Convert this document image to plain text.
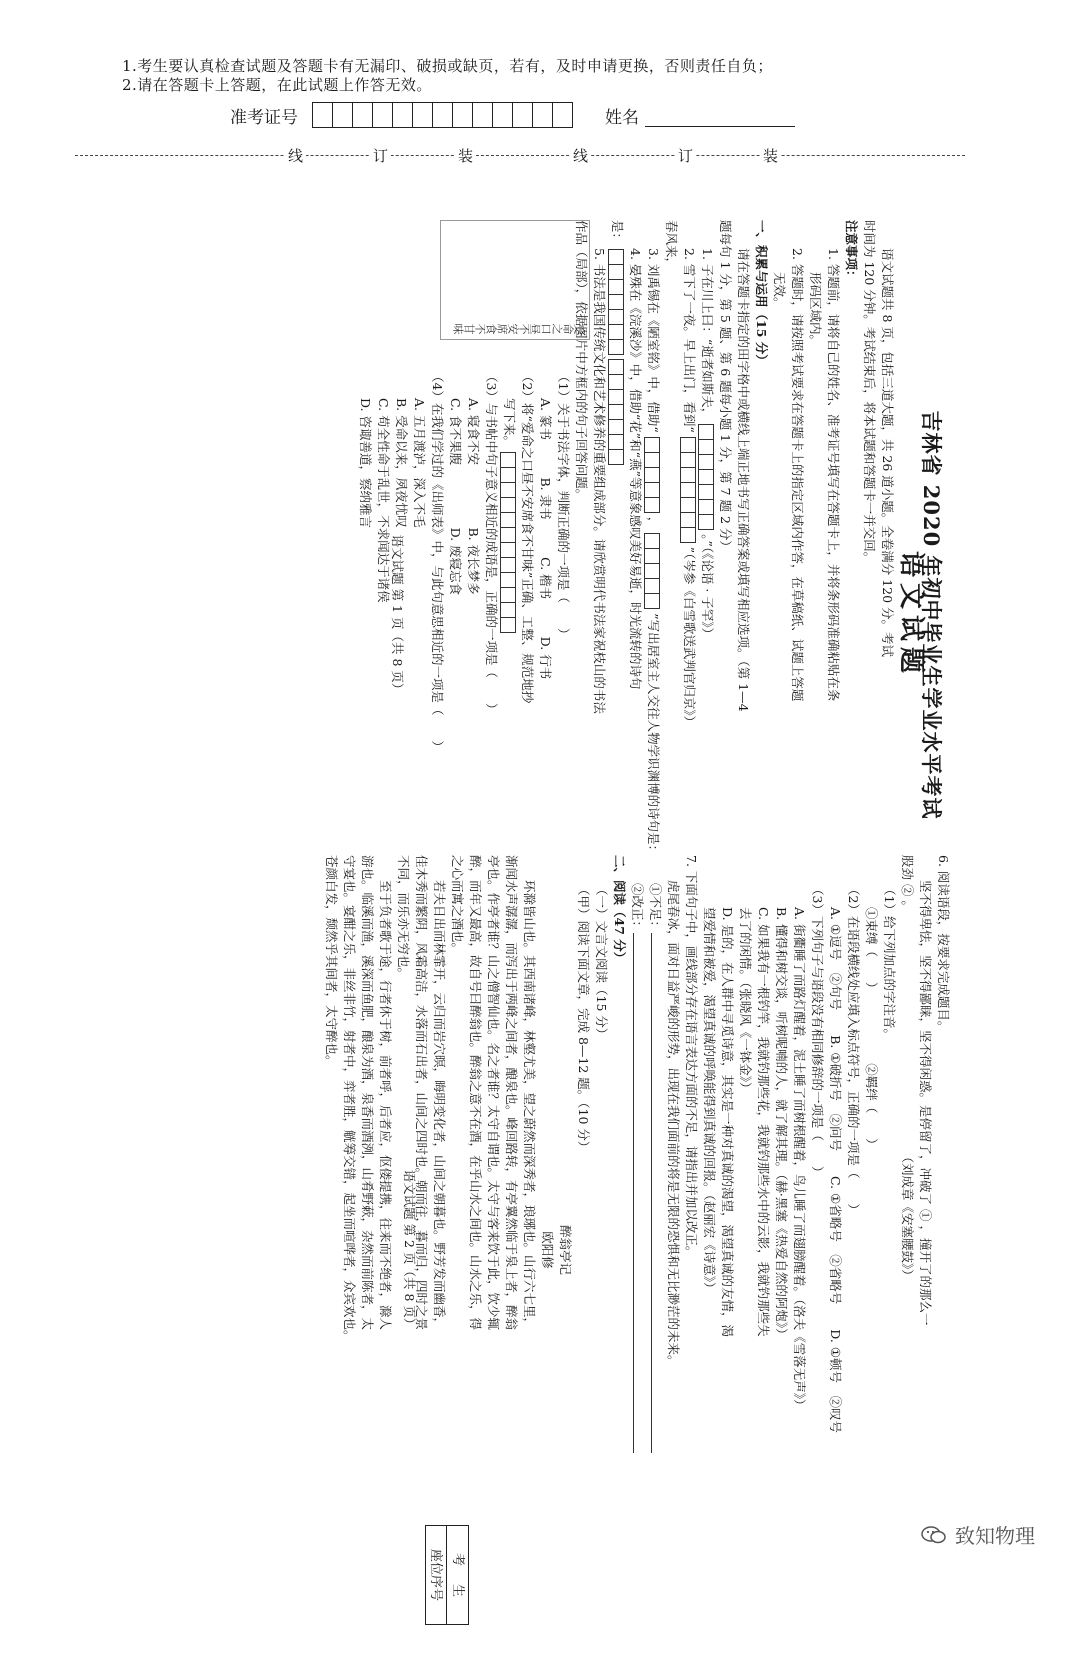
1.考生要认真检查试题及答题卡有无漏印、破损或缺页，若有，及时申请更换，否则责任自负；
2.请在答题卡上答题，在此试题上作答无效。
准考证号	姓名
线	订	装	线	订	装
吉林省 2020 年初中毕业生学业水平考试
语文试题

语文试题共 8 页，包括三道大题，共 26 道小题。全卷满分 120 分。考试

时间为 120 分钟。考试结束后，将本试题和答题卡一并交回。

注意事项：

1. 答题前，请将自己的姓名、准考证号填写在答题卡上，并将条形码准确粘贴在条

形码区域内。

2. 答题时，请按照考试要求在答题卡上的指定区域内作答，在草稿纸、试题上答题

无效。

一、积累与运用（15 分）

请在答题卡指定的田字格中或横线上端正地书写正确答案或填写相应选项。（第 1—4

题每句 1 分，第 5 题、第 6 题每小题 1 分，第 7 题 2 分）

1. 子在川上曰：“逝者如斯夫，
。”（《论语 · 子罕》）

2. 雪下了一夜。早上出门，看到“
”（岑参《白雪歌送武判官归京》）

春风来，

3. 刘禹锡在《陋室铭》中，借助“
，
”写出居室主人交往人物学识渊博的诗句是：

4. 晏殊在《浣溪沙》中，借助“花”和“燕”等意象感叹美好易逝，时光流转的诗句

是：

5. 书法是我国传统文化和艺术修养的重要组成部分。请欣赏明代书法家祝枝山的书法

作品（局部），依据图片中方框内的句子回答问题。

（1）关于书法字体，判断正确的一项是（　　）

A. 篆书　　　B. 隶书　　　C. 楷书　　　D. 行书

（2）将“爱命之口昼不安席食不甘味”正确、工整、规范地抄

写下来。

（3）与书帖中句子意义相近的成语是，正确的一项是（　　）

A. 寝食不安　　　　　B. 夜长梦多

C. 食不果腹　　　　　D. 废寝忘食

（4）在我们学过的《出师表》中，与此句意思相近的一项是（　　）

A. 五月渡泸，深入不毛

B. 受命以来，夙夜忧叹

C. 苟全性命于乱世，不求闻达于诸侯

D. 咨诹善道，察纳雅言

受命之口昼不安席食不甘味
语文试题 第 1 页（共 8 页）

6. 阅读语段，按要求完成题目。

　　坚不得卑怯，坚不得鄙睐，坚不得闲惑。是停留了，冲破了 ① ，撞开了的那么一

股劲 ② 。　　　　　　　　　　　　　　　　　　　　（刘成章《安塞腰鼓》）

（1）给下列加点的字注音。

①束缚（　　）　　　　　　②羁绊（　　）

（2）在语段横线处应填入标点符号，正确的一项是（　　）

A. ①逗号　②句号　　B. ①破折号　②问号　　C. ①省略号　②省略号　　D. ①顿号　②叹号

（3）下列句子与语段没有相同修辞的一项是（　　）

A. 街衢睡了而路灯醒着，泥土睡了而树根醒着，鸟儿睡了而翅膀醒着。（洛夫《雪落无声》）

B. 懂得和树交谈，听树呢喃的人，就了解其理。（赫·黑塞《热爱自然的阿炮》）

C. 如果我有一根钓竿，我就钓那些花，我就钓那些水中的云影，我就钓那些失

去了的闲情。（张晓风《一钵金》）

D. 是的，在人群中寻觅诗意，其实是一种对真诚的渴望，渴望真诚的友情，渴

望爱情和被爱，渴望真诚的呼唤能得到真诚的回报。（赵丽宏《诗意》）

7. 下面句子中，画线部分存在语言表达方面的不足，请指出并加以改正。

　　虎尾春冰，面对日益严峻的形势，出现在我们面前的将是无限的恐惧和无比渺茫的未来。

①不足：

②改正：

二、阅读（47 分）

（一）文言文阅读（15 分）

（甲）阅读下面文章，完成 8—12 题。（10 分）

醉翁亭记

欧阳修

　　环滁皆山也。其西南诸峰，林壑尤美，望之蔚然而深秀者，琅琊也。山行六七里，

渐闻水声潺潺，而泻出于两峰之间者，酿泉也。峰回路转，有亭翼然临于泉上者，醉翁

亭也。作亭者谁？山之僧智仙也。名之者谁？太守自谓也。太守与客来饮于此，饮少辄

醉，而年又最高，故自号曰醉翁也。醉翁之意不在酒，在乎山水之间也。山水之乐，得

之心而寓之酒也。

　　若夫日出而林霏开，云归而岩穴暝，晦明变化者，山间之朝暮也。野芳发而幽香，

佳木秀而繁阴，风霜高洁，水落而石出者，山间之四时也。朝而往，暮而归，四时之景

不同，而乐亦无穷也。

　　至于负者歌于途，行者休于树，前者呼，后者应，伛偻提携，往来而不绝者，滁人

游也。临溪而渔，溪深而鱼肥，酿泉为酒，泉香而酒洌，山肴野蔌，杂然而前陈者，太

守宴也。宴酣之乐，非丝非竹，射者中，弈者胜，觥筹交错，起坐而喧哗者，众宾欢也。

苍颜白发，颓然乎其间者，太守醉也。

考生
座位序号
语文试题 第 2 页（共 8 页）
致知物理
